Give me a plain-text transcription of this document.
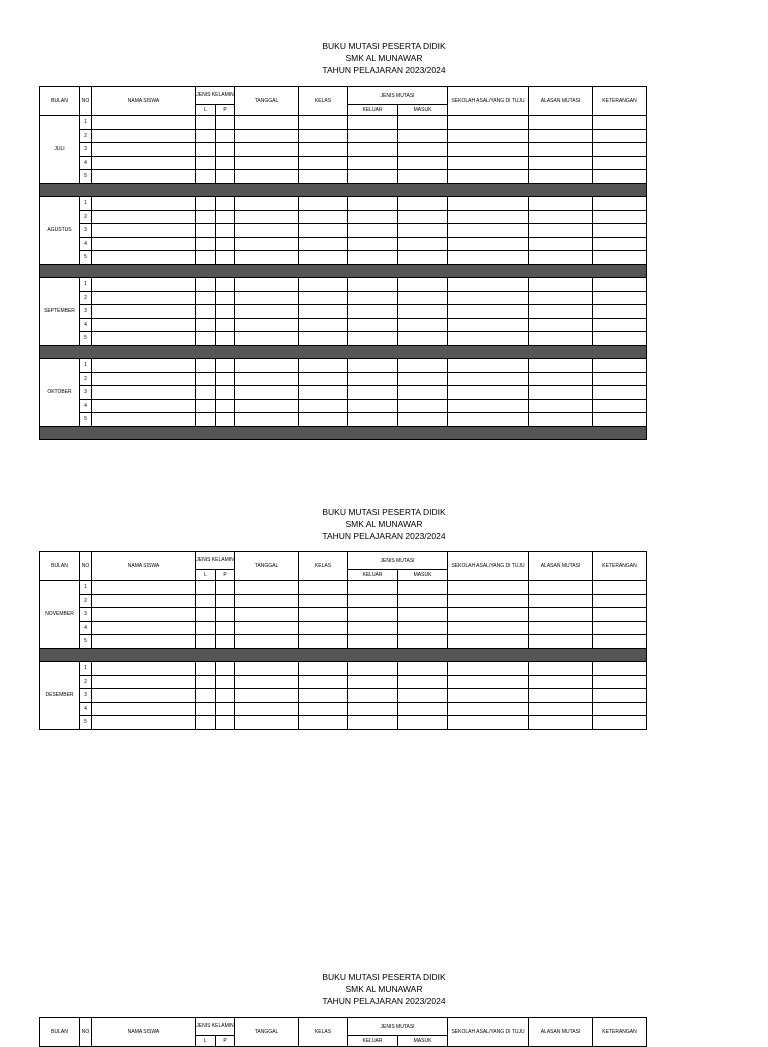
BUKU MUTASI PESERTA DIDIK
SMK AL MUNAWAR
TAHUN PELAJARAN 2023/2024
BULAN	NO	NAMA SISWA	JENIS KELAMIN		TANGGAL	KELAS	JENIS MUTASI		SEKOLAH ASAL/YANG DI TUJU	ALASAN MUTASI	KETERANGAN
			L	P			KELUAR	MASUK			
JULI	1										
	2										
	3										
	4										
	5										

AGUSTUS	1										
	2										
	3										
	4										
	5										

SEPTEMBER	1										
	2										
	3										
	4										
	5										

OKTOBER	1										
	2										
	3										
	4										
	5										

BUKU MUTASI PESERTA DIDIK
SMK AL MUNAWAR
TAHUN PELAJARAN 2023/2024
BULAN	NO	NAMA SISWA	JENIS KELAMIN		TANGGAL	KELAS	JENIS MUTASI		SEKOLAH ASAL/YANG DI TUJU	ALASAN MUTASI	KETERANGAN
			L	P			KELUAR	MASUK			
NOVEMBER	1										
	2										
	3										
	4										
	5										

DESEMBER	1										
	2										
	3										
	4										
	5										
BUKU MUTASI PESERTA DIDIK
SMK AL MUNAWAR
TAHUN PELAJARAN 2023/2024
BULAN	NO	NAMA SISWA	JENIS KELAMIN		TANGGAL	KELAS	JENIS MUTASI		SEKOLAH ASAL/YANG DI TUJU	ALASAN MUTASI	KETERANGAN
			L	P			KELUAR	MASUK			
